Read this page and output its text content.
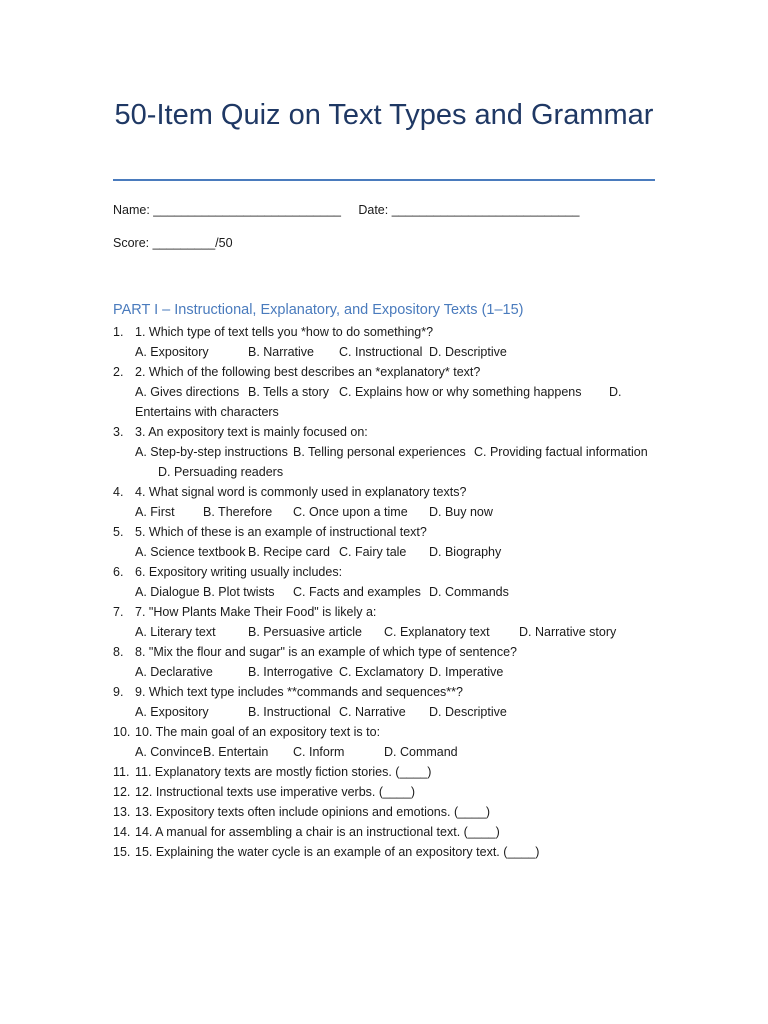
50-Item Quiz on Text Types and Grammar
Name: ___________________________     Date: ___________________________
Score: _________/50
PART I – Instructional, Explanatory, and Expository Texts (1–15)
1. 1. Which type of text tells you *how to do something*?
A. Expository	B. Narrative C. Instructional D. Descriptive
2. 2. Which of the following best describes an *explanatory* text?
A. Gives directions B. Tells a story C. Explains how or why something happens D.
Entertains with characters
3. 3. An expository text is mainly focused on:
A. Step-by-step instructions B. Telling personal experiences C. Providing factual information
D. Persuading readers
4. 4. What signal word is commonly used in explanatory texts?
A. First B. Therefore C. Once upon a time D. Buy now
5. 5. Which of these is an example of instructional text?
A. Science textbook B. Recipe card C. Fairy tale D. Biography
6. 6. Expository writing usually includes:
A. Dialogue B. Plot twists C. Facts and examples D. Commands
7. 7. "How Plants Make Their Food" is likely a:
A. Literary text	B. Persuasive article C. Explanatory text D. Narrative story
8. 8. "Mix the flour and sugar" is an example of which type of sentence?
A. Declarative	B. Interrogative C. Exclamatory D. Imperative
9. 9. Which text type includes **commands and sequences**?
A. Expository	B. Instructional C. Narrative D. Descriptive
10. 10. The main goal of an expository text is to:
A. Convince B. Entertain C. Inform	D. Command
11. 11. Explanatory texts are mostly fiction stories. (____)
12. 12. Instructional texts use imperative verbs. (____)
13. 13. Expository texts often include opinions and emotions. (____)
14. 14. A manual for assembling a chair is an instructional text. (____)
15. 15. Explaining the water cycle is an example of an expository text. (____)
